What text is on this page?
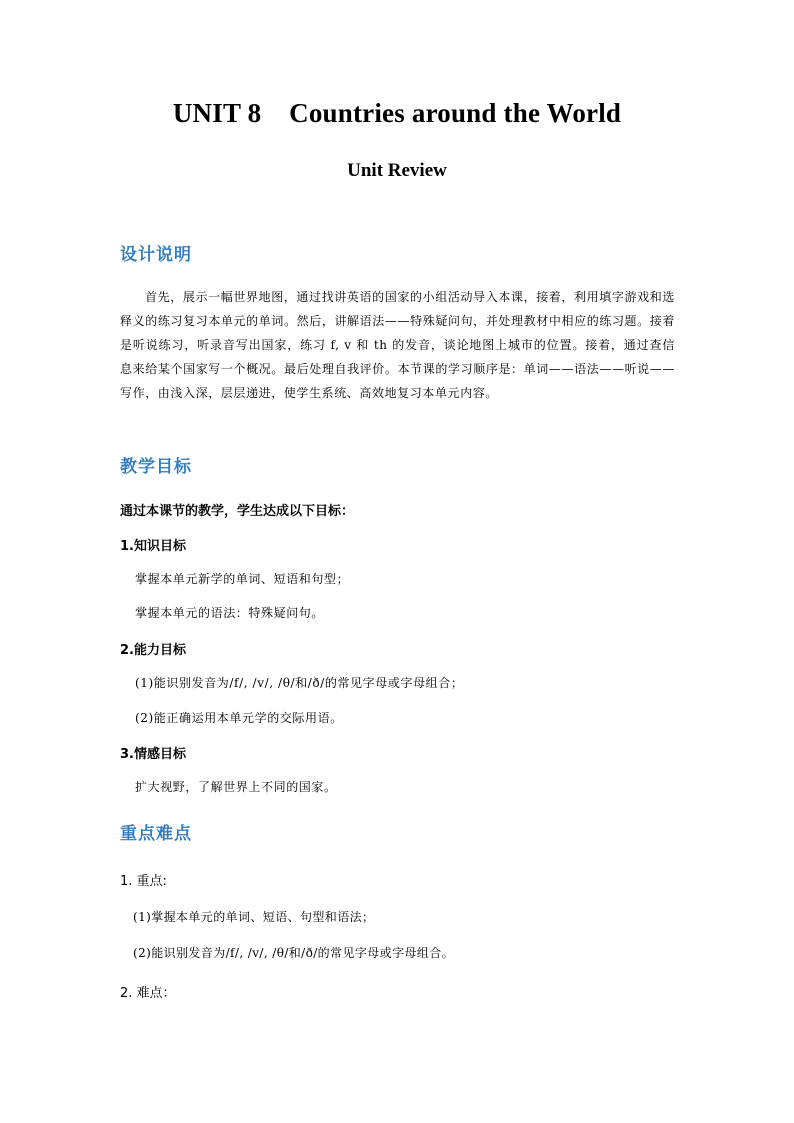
UNIT 8    Countries around the World
Unit Review
设计说明
首先，展示一幅世界地图，通过找讲英语的国家的小组活动导入本课，接着，利用填字游戏和选释义的练习复习本单元的单词。然后，讲解语法——特殊疑问句，并处理教材中相应的练习题。接着是听说练习，听录音写出国家，练习 f, v 和 th 的发音，谈论地图上城市的位置。接着，通过查信息来给某个国家写一个概况。最后处理自我评价。本节课的学习顺序是：单词——语法——听说——写作，由浅入深，层层递进，使学生系统、高效地复习本单元内容。
教学目标
通过本课节的教学，学生达成以下目标：
1.知识目标
掌握本单元新学的单词、短语和句型；
掌握本单元的语法：特殊疑问句。
2.能力目标
(1)能识别发音为/f/, /v/, /θ/和/ð/的常见字母或字母组合；
(2)能正确运用本单元学的交际用语。
3.情感目标
扩大视野，了解世界上不同的国家。
重点难点
1. 重点:
(1)掌握本单元的单词、短语、句型和语法；
(2)能识别发音为/f/, /v/, /θ/和/ð/的常见字母或字母组合。
2. 难点：
